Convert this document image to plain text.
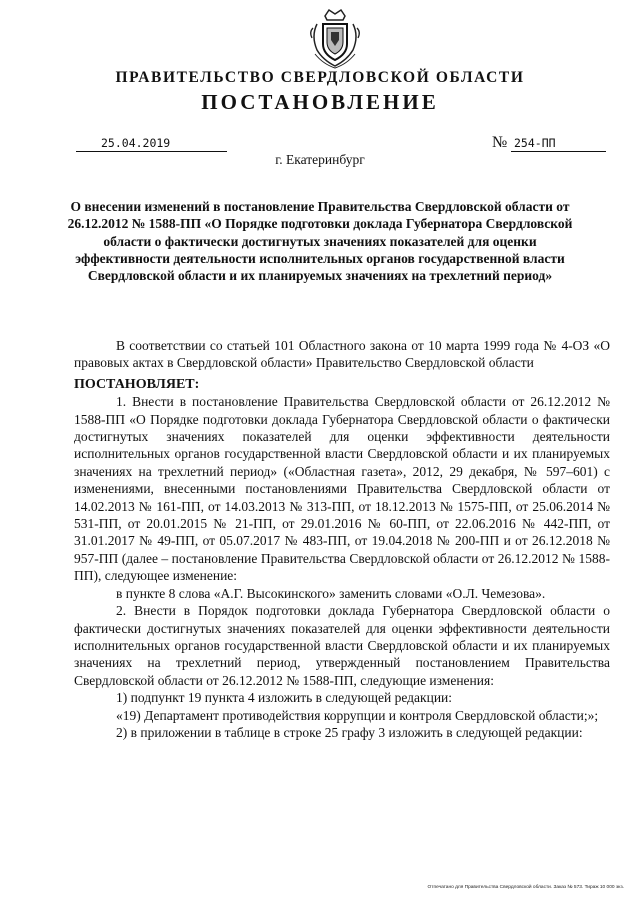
ПРАВИТЕЛЬСТВО СВЕРДЛОВСКОЙ ОБЛАСТИ
ПОСТАНОВЛЕНИЕ
25.04.2019	№ 254-ПП
г. Екатеринбург
О внесении изменений в постановление Правительства Свердловской области от 26.12.2012 № 1588-ПП «О Порядке подготовки доклада Губернатора Свердловской области о фактически достигнутых значениях показателей для оценки эффективности деятельности исполнительных органов государственной власти Свердловской области и их планируемых значениях на трехлетний период»

В соответствии со статьей 101 Областного закона от 10 марта 1999 года № 4-ОЗ «О правовых актах в Свердловской области» Правительство Свердловской области

ПОСТАНОВЛЯЕТ:

1. Внести в постановление Правительства Свердловской области от 26.12.2012 № 1588-ПП «О Порядке подготовки доклада Губернатора Свердловской области о фактически достигнутых значениях показателей для оценки эффективности деятельности исполнительных органов государственной власти Свердловской области и их планируемых значениях на трехлетний период» («Областная газета», 2012, 29 декабря, № 597–601) с изменениями, внесенными постановлениями Правительства Свердловской области от 14.02.2013 № 161-ПП, от 14.03.2013 № 313-ПП, от 18.12.2013 № 1575-ПП, от 25.06.2014 № 531-ПП, от 20.01.2015 № 21-ПП, от 29.01.2016 № 60-ПП, от 22.06.2016 № 442-ПП, от 31.01.2017 № 49-ПП, от 05.07.2017 № 483-ПП, от 19.04.2018 № 200-ПП и от 26.12.2018 № 957-ПП (далее – постановление Правительства Свердловской области от 26.12.2012 № 1588-ПП), следующее изменение:

в пункте 8 слова «А.Г. Высокинского» заменить словами «О.Л. Чемезова».

2. Внести в Порядок подготовки доклада Губернатора Свердловской области о фактически достигнутых значениях показателей для оценки эффективности деятельности исполнительных органов государственной власти Свердловской области и их планируемых значениях на трехлетний период, утвержденный постановлением Правительства Свердловской области от 26.12.2012 № 1588-ПП, следующие изменения:

1) подпункт 19 пункта 4 изложить в следующей редакции:

«19) Департамент противодействия коррупции и контроля Свердловской области;»;

2) в приложении в таблице в строке 25 графу 3 изложить в следующей редакции:

Отпечатано для Правительства Свердловской области. Заказ № 573. Тираж 10 000 экз.
